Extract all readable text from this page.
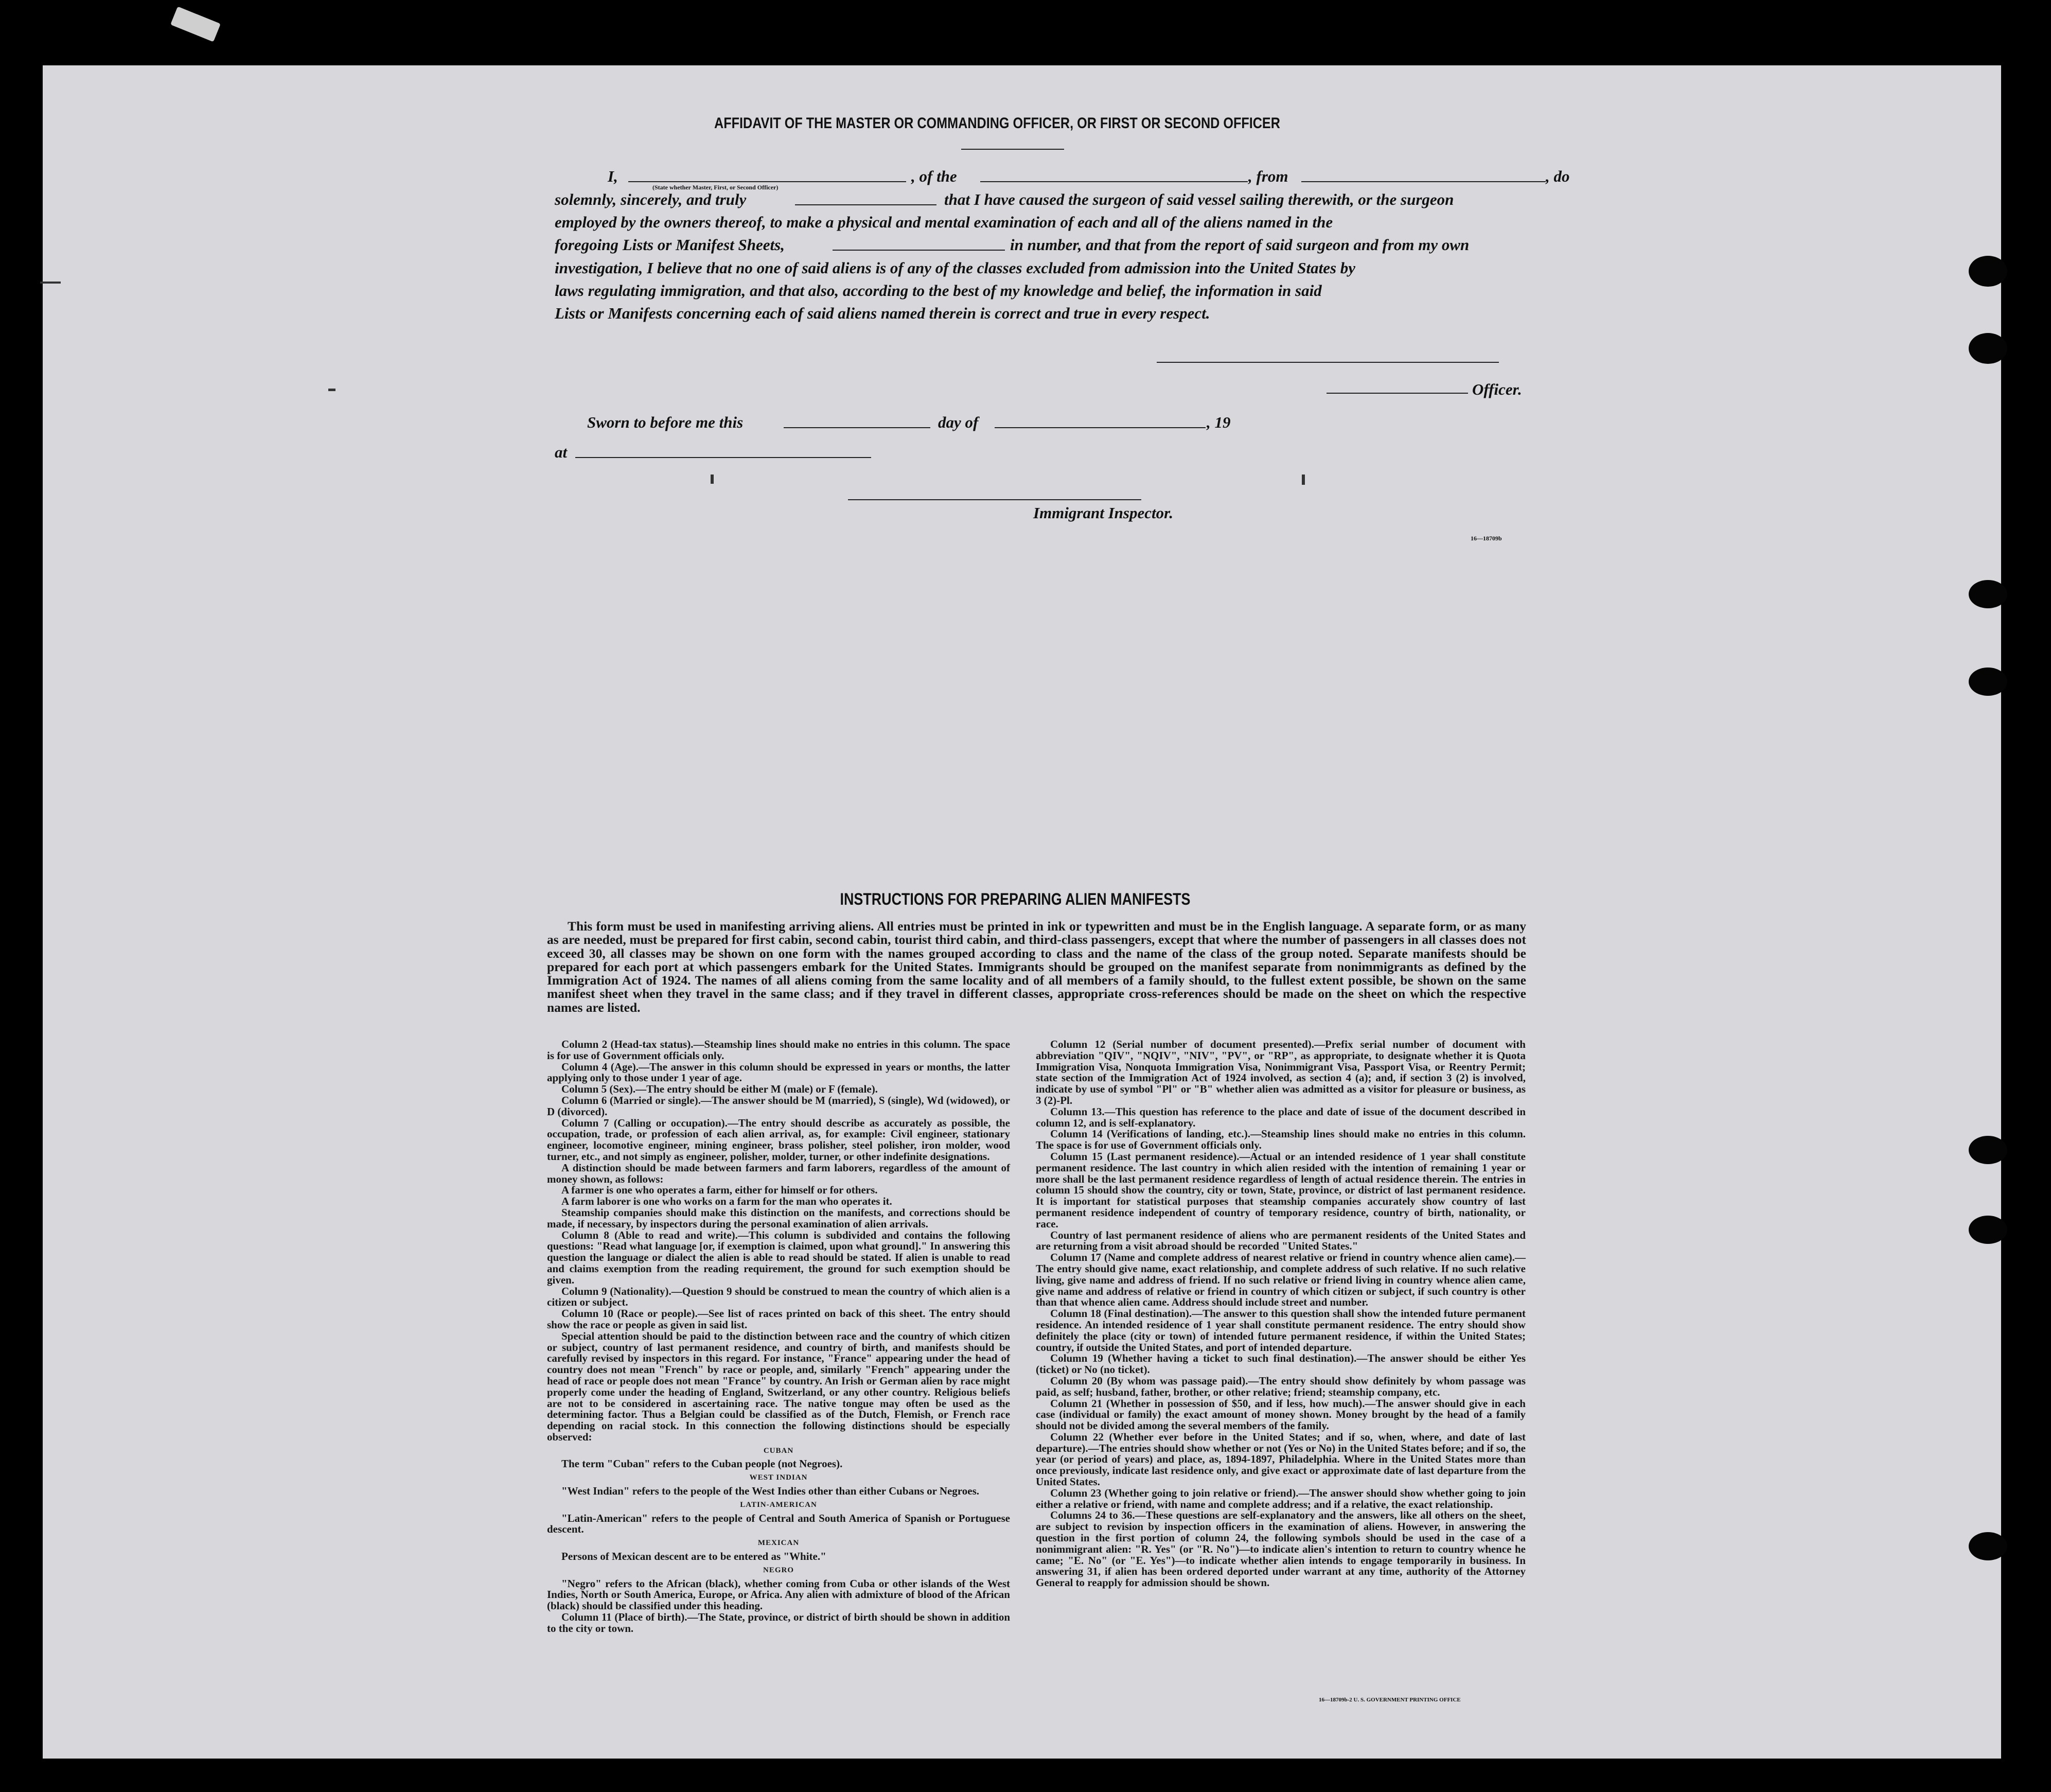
AFFIDAVIT OF THE MASTER OR COMMANDING OFFICER, OR FIRST OR SECOND OFFICER
I,	, of the	, from	, do
(State whether Master, First, or Second Officer)
solemnly, sincerely, and truly	that I have caused the surgeon of said vessel sailing therewith, or the surgeon
employed by the owners thereof, to make a physical and mental examination of each and all of the aliens named in the
foregoing Lists or Manifest Sheets,	in number, and that from the report of said surgeon and from my own
investigation, I believe that no one of said aliens is of any of the classes excluded from admission into the United States by
laws regulating immigration, and that also, according to the best of my knowledge and belief, the information in said
Lists or Manifests concerning each of said aliens named therein is correct and true in every respect.
Officer.
Sworn to before me this	day of	, 19
at
Immigrant Inspector.
16—18709b
INSTRUCTIONS FOR PREPARING ALIEN MANIFESTS
This form must be used in manifesting arriving aliens. All entries must be printed in ink or typewritten and must be in the English language. A separate form, or as many as are needed, must be prepared for first cabin, second cabin, tourist third cabin, and third-class passengers, except that where the number of passengers in all classes does not exceed 30, all classes may be shown on one form with the names grouped according to class and the name of the class of the group noted. Separate manifests should be prepared for each port at which passengers embark for the United States. Immigrants should be grouped on the manifest separate from nonimmigrants as defined by the Immigration Act of 1924. The names of all aliens coming from the same locality and of all members of a family should, to the fullest extent possible, be shown on the same manifest sheet when they travel in the same class; and if they travel in different classes, appropriate cross-references should be made on the sheet on which the respective names are listed.

Column 2 (Head-tax status).—Steamship lines should make no entries in this column. The space is for use of Government officials only.

Column 4 (Age).—The answer in this column should be expressed in years or months, the latter applying only to those under 1 year of age.

Column 5 (Sex).—The entry should be either M (male) or F (female).

Column 6 (Married or single).—The answer should be M (married), S (single), Wd (widowed), or D (divorced).

Column 7 (Calling or occupation).—The entry should describe as accurately as possible, the occupation, trade, or profession of each alien arrival, as, for example: Civil engineer, stationary engineer, locomotive engineer, mining engineer, brass polisher, steel polisher, iron molder, wood turner, etc., and not simply as engineer, polisher, molder, turner, or other indefinite designations.

A distinction should be made between farmers and farm laborers, regardless of the amount of money shown, as follows:

A farmer is one who operates a farm, either for himself or for others.

A farm laborer is one who works on a farm for the man who operates it.

Steamship companies should make this distinction on the manifests, and corrections should be made, if necessary, by inspectors during the personal examination of alien arrivals.

Column 8 (Able to read and write).—This column is subdivided and contains the following questions: "Read what language [or, if exemption is claimed, upon what ground]." In answering this question the language or dialect the alien is able to read should be stated. If alien is unable to read and claims exemption from the reading requirement, the ground for such exemption should be given.

Column 9 (Nationality).—Question 9 should be construed to mean the country of which alien is a citizen or subject.

Column 10 (Race or people).—See list of races printed on back of this sheet. The entry should show the race or people as given in said list.

Special attention should be paid to the distinction between race and the country of which citizen or subject, country of last permanent residence, and country of birth, and manifests should be carefully revised by inspectors in this regard. For instance, "France" appearing under the head of country does not mean "French" by race or people, and, similarly "French" appearing under the head of race or people does not mean "France" by country. An Irish or German alien by race might properly come under the heading of England, Switzerland, or any other country. Religious beliefs are not to be considered in ascertaining race. The native tongue may often be used as the determining factor. Thus a Belgian could be classified as of the Dutch, Flemish, or French race depending on racial stock. In this connection the following distinctions should be especially observed:

CUBAN

The term "Cuban" refers to the Cuban people (not Negroes).

WEST INDIAN

"West Indian" refers to the people of the West Indies other than either Cubans or Negroes.

LATIN-AMERICAN

"Latin-American" refers to the people of Central and South America of Spanish or Portuguese descent.

MEXICAN

Persons of Mexican descent are to be entered as "White."

NEGRO

"Negro" refers to the African (black), whether coming from Cuba or other islands of the West Indies, North or South America, Europe, or Africa. Any alien with admixture of blood of the African (black) should be classified under this heading.

Column 11 (Place of birth).—The State, province, or district of birth should be shown in addition to the city or town.

Column 12 (Serial number of document presented).—Prefix serial number of document with abbreviation "QIV", "NQIV", "NIV", "PV", or "RP", as appropriate, to designate whether it is Quota Immigration Visa, Nonquota Immigration Visa, Nonimmigrant Visa, Passport Visa, or Reentry Permit; state section of the Immigration Act of 1924 involved, as section 4 (a); and, if section 3 (2) is involved, indicate by use of symbol "Pl" or "B" whether alien was admitted as a visitor for pleasure or business, as 3 (2)-Pl.

Column 13.—This question has reference to the place and date of issue of the document described in column 12, and is self-explanatory.

Column 14 (Verifications of landing, etc.).—Steamship lines should make no entries in this column. The space is for use of Government officials only.

Column 15 (Last permanent residence).—Actual or an intended residence of 1 year shall constitute permanent residence. The last country in which alien resided with the intention of remaining 1 year or more shall be the last permanent residence regardless of length of actual residence therein. The entries in column 15 should show the country, city or town, State, province, or district of last permanent residence. It is important for statistical purposes that steamship companies accurately show country of last permanent residence independent of country of temporary residence, country of birth, nationality, or race.

Country of last permanent residence of aliens who are permanent residents of the United States and are returning from a visit abroad should be recorded "United States."

Column 17 (Name and complete address of nearest relative or friend in country whence alien came).—The entry should give name, exact relationship, and complete address of such relative. If no such relative living, give name and address of friend. If no such relative or friend living in country whence alien came, give name and address of relative or friend in country of which citizen or subject, if such country is other than that whence alien came. Address should include street and number.

Column 18 (Final destination).—The answer to this question shall show the intended future permanent residence. An intended residence of 1 year shall constitute permanent residence. The entry should show definitely the place (city or town) of intended future permanent residence, if within the United States; country, if outside the United States, and port of intended departure.

Column 19 (Whether having a ticket to such final destination).—The answer should be either Yes (ticket) or No (no ticket).

Column 20 (By whom was passage paid).—The entry should show definitely by whom passage was paid, as self; husband, father, brother, or other relative; friend; steamship company, etc.

Column 21 (Whether in possession of $50, and if less, how much).—The answer should give in each case (individual or family) the exact amount of money shown. Money brought by the head of a family should not be divided among the several members of the family.

Column 22 (Whether ever before in the United States; and if so, when, where, and date of last departure).—The entries should show whether or not (Yes or No) in the United States before; and if so, the year (or period of years) and place, as, 1894-1897, Philadelphia. Where in the United States more than once previously, indicate last residence only, and give exact or approximate date of last departure from the United States.

Column 23 (Whether going to join relative or friend).—The answer should show whether going to join either a relative or friend, with name and complete address; and if a relative, the exact relationship.

Columns 24 to 36.—These questions are self-explanatory and the answers, like all others on the sheet, are subject to revision by inspection officers in the examination of aliens. However, in answering the question in the first portion of column 24, the following symbols should be used in the case of a nonimmigrant alien: "R. Yes" (or "R. No")—to indicate alien's intention to return to country whence he came; "E. No" (or "E. Yes")—to indicate whether alien intends to engage temporarily in business. In answering 31, if alien has been ordered deported under warrant at any time, authority of the Attorney General to reapply for admission should be shown.

16—18709b-2 U. S. GOVERNMENT PRINTING OFFICE
